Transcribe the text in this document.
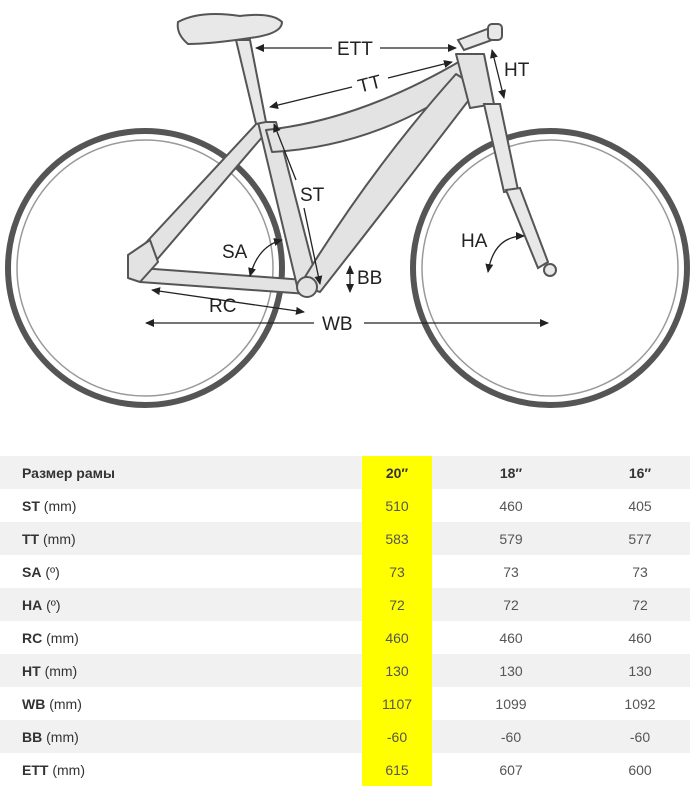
ETT
TT
HT
ST
SA
BB
HA
RC
WB
Размер рамы	20″	18″	16″
ST (mm)	510	460	405
TT (mm)	583	579	577
SA (º)	73	73	73
HA (º)	72	72	72
RC (mm)	460	460	460
HT (mm)	130	130	130
WB (mm)	1107	1099	1092
BB (mm)	-60	-60	-60
ETT (mm)	615	607	600
